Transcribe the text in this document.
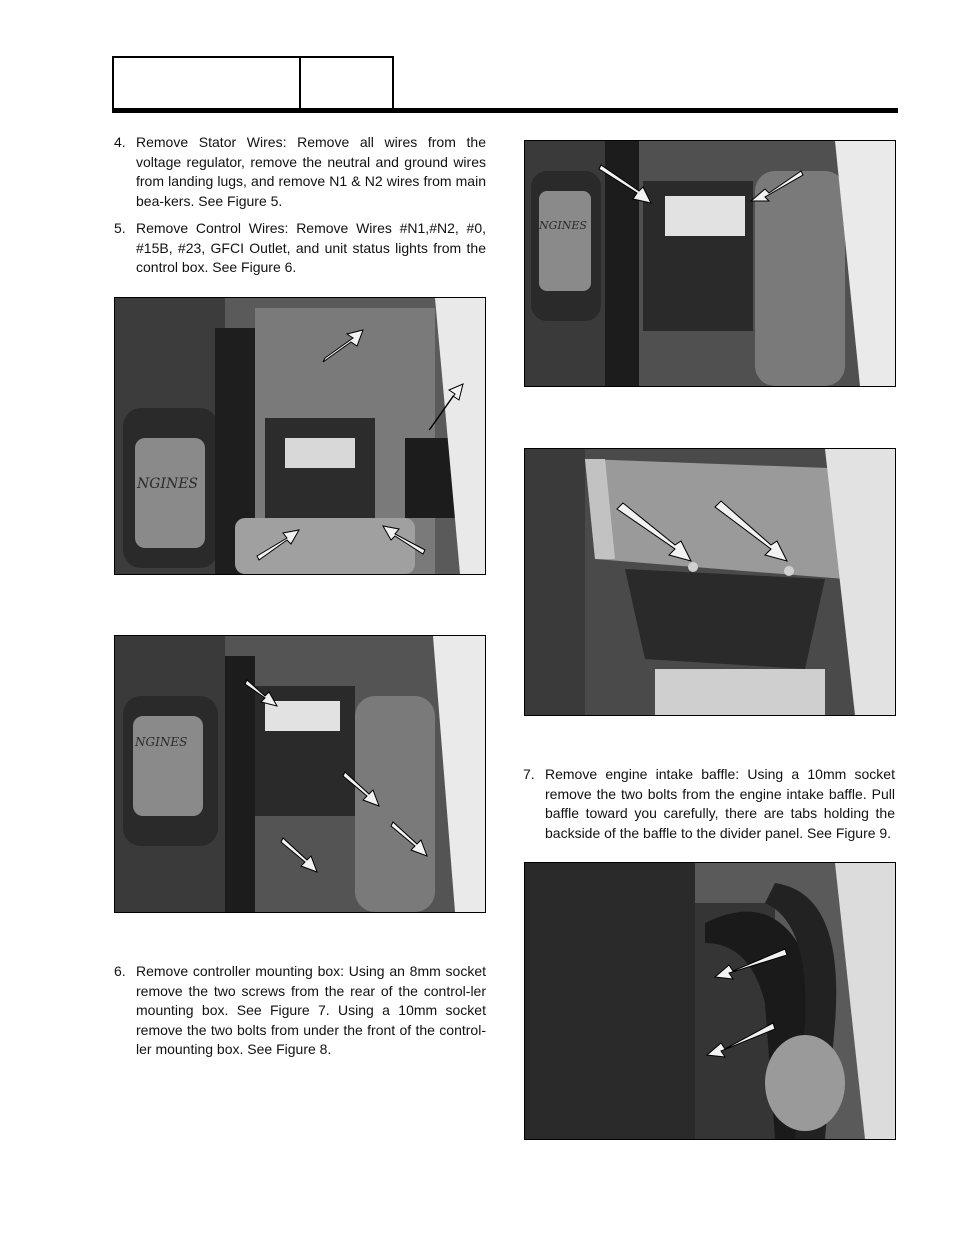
4. Remove Stator Wires: Remove all wires from the voltage regulator, remove the neutral and ground wires from landing lugs, and remove N1 & N2 wires from main bea-kers. See Figure 5.
5. Remove Control Wires: Remove Wires #N1,#N2, #0, #15B, #23, GFCI Outlet, and unit status lights from the control box. See Figure 6.
6. Remove controller mounting box: Using an 8mm socket remove the two screws from the rear of the control-ler mounting box. See Figure 7. Using a 10mm socket remove the two bolts from under the front of the control-ler mounting box. See Figure 8.
7. Remove engine intake baffle: Using a 10mm socket remove the two bolts from the engine intake baffle. Pull baffle toward you carefully, there are tabs holding the backside of the baffle to the divider panel. See Figure 9.
NGINES
NGINES
NGINES
